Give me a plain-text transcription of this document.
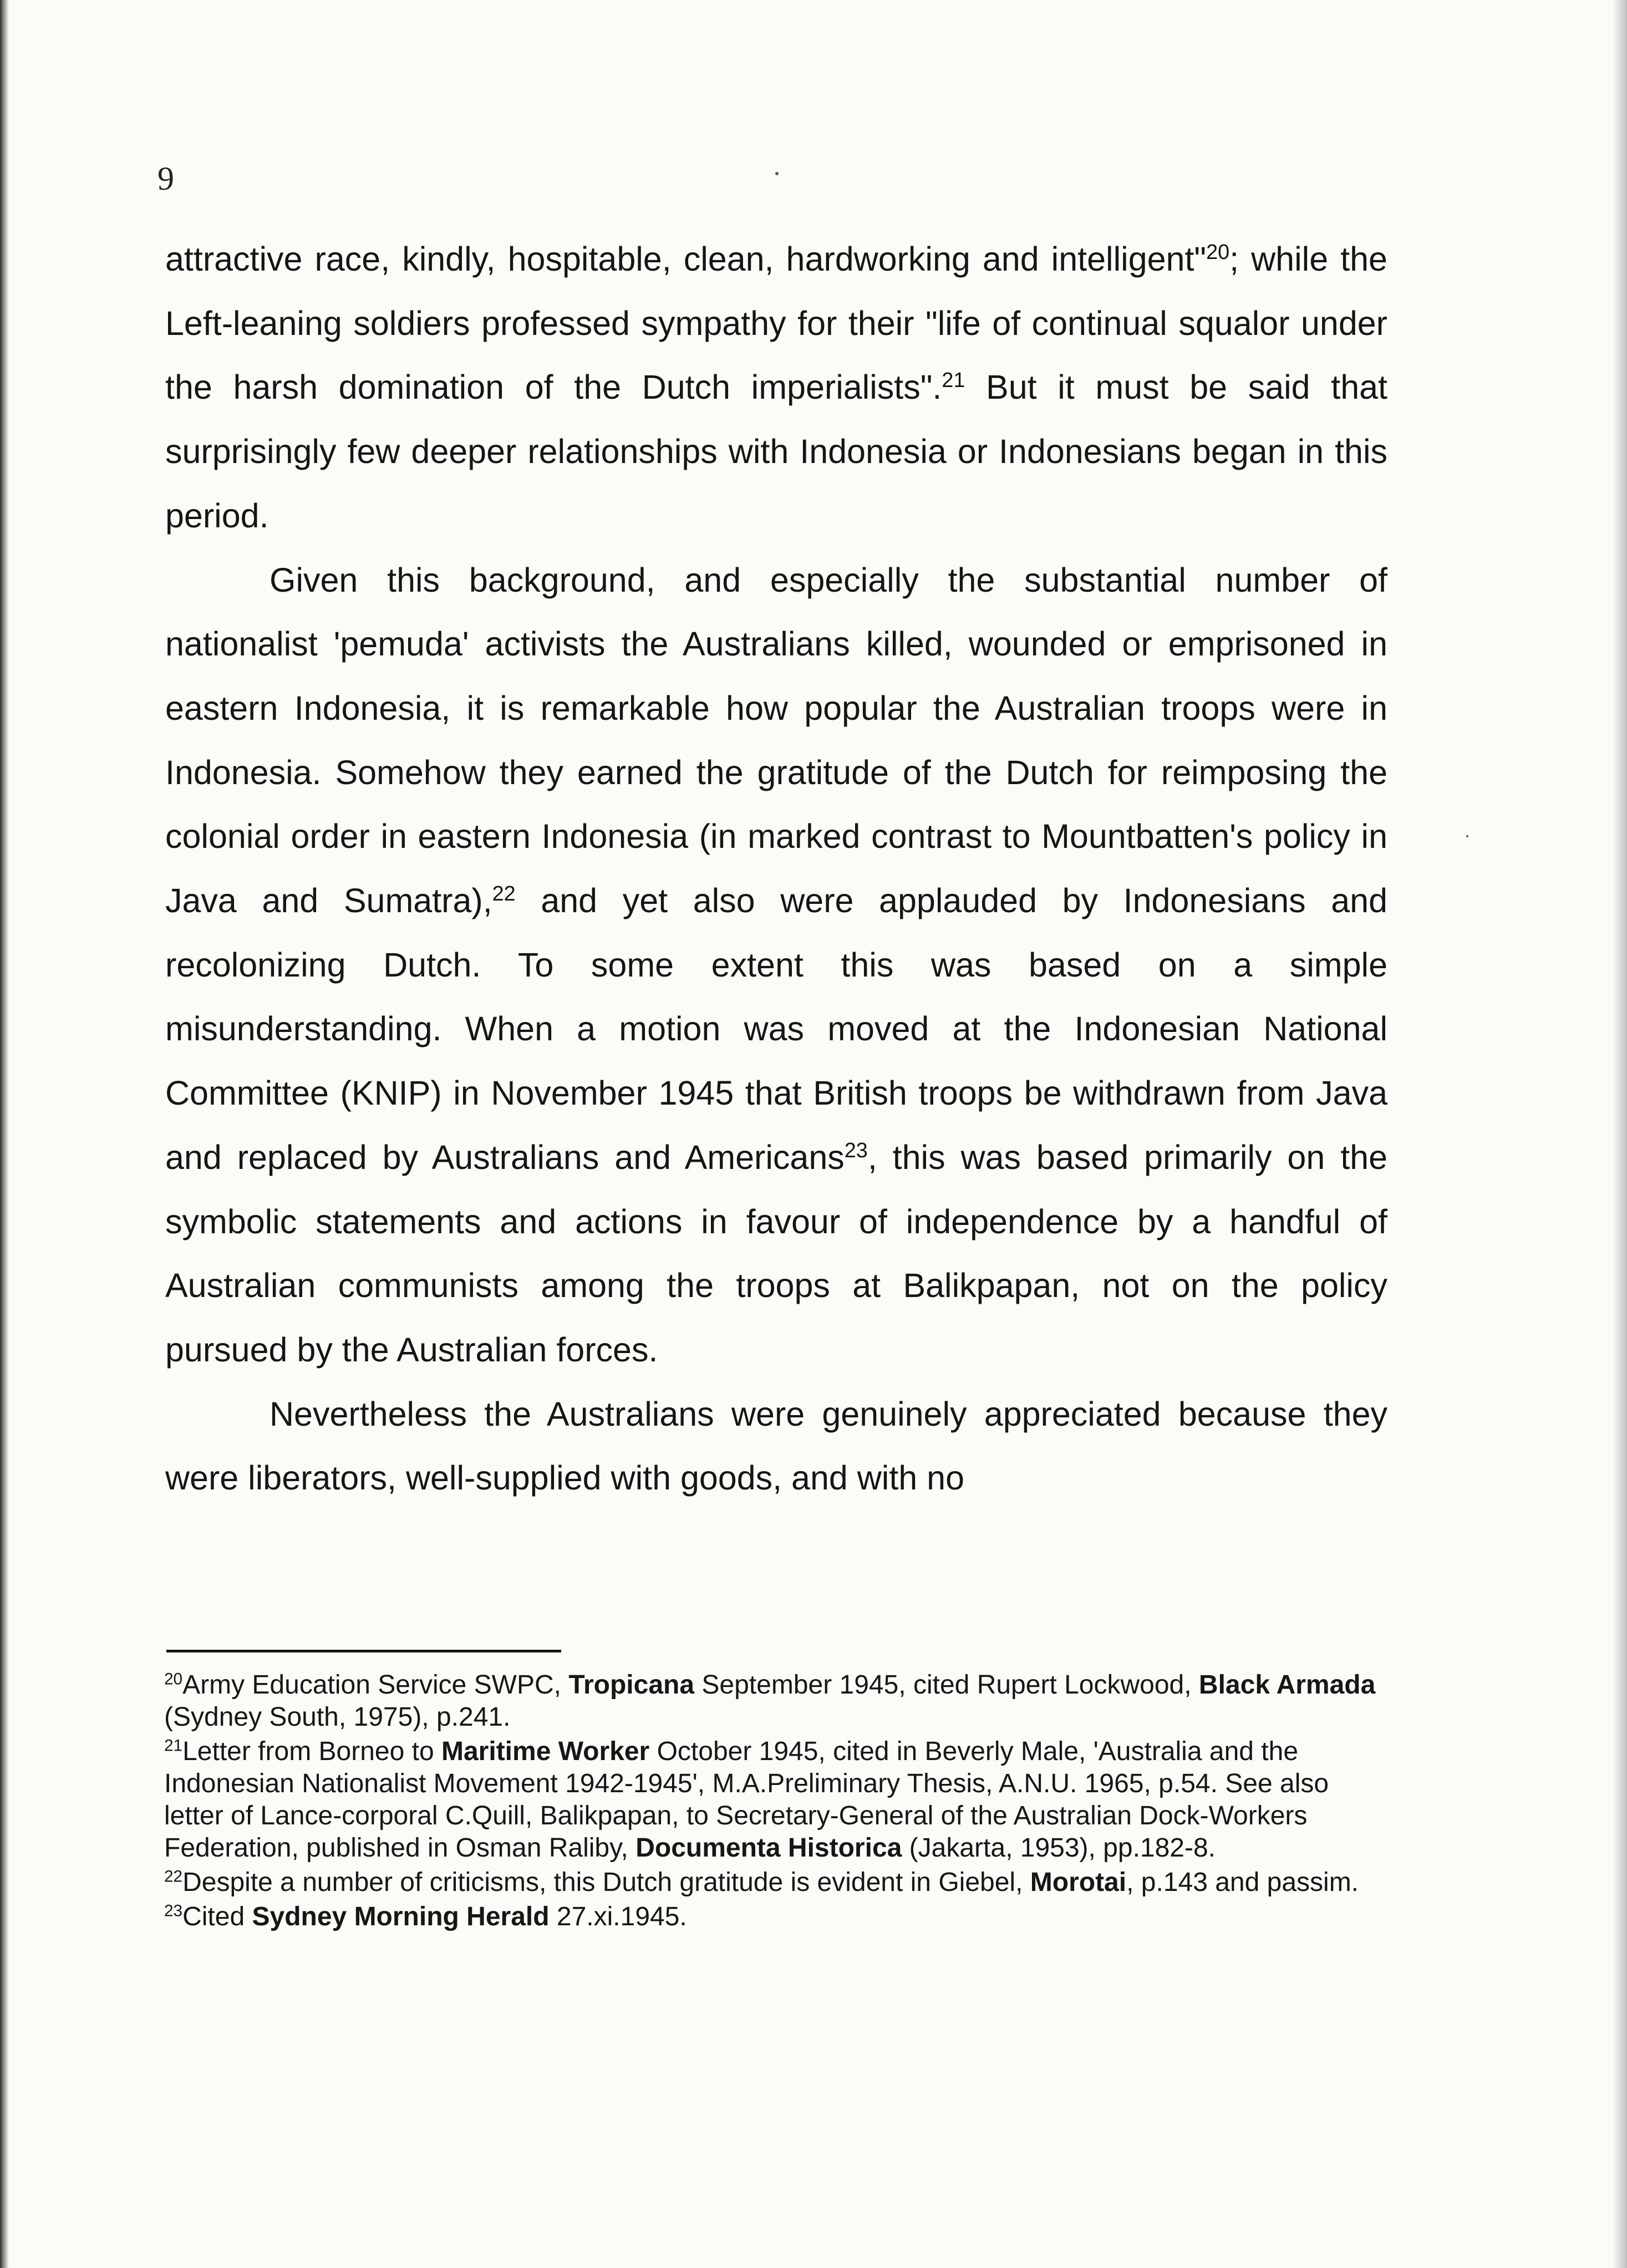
9

attractive race, kindly, hospitable, clean, hardworking and intelligent"$^{20}$; while the Left-leaning soldiers professed sympathy for their "life of continual squalor under the harsh domination of the Dutch imperialists".$^{21}$ But it must be said that surprisingly few deeper relationships with Indonesia or Indonesians began in this period.

Given this background, and especially the substantial number of nationalist 'pemuda' activists the Australians killed, wounded or emprisoned in eastern Indonesia, it is remarkable how popular the Australian troops were in Indonesia. Somehow they earned the gratitude of the Dutch for reimposing the colonial order in eastern Indonesia (in marked contrast to Mountbatten's policy in Java and Sumatra),$^{22}$ and yet also were applauded by Indonesians and recolonizing Dutch. To some extent this was based on a simple misunderstanding. When a motion was moved at the Indonesian National Committee (KNIP) in November 1945 that British troops be withdrawn from Java and replaced by Australians and Americans$^{23}$, this was based primarily on the symbolic statements and actions in favour of independence by a handful of Australian communists among the troops at Balikpapan, not on the policy pursued by the Australian forces.

Nevertheless the Australians were genuinely appreciated because they were liberators, well-supplied with goods, and with no

$^{20}$Army Education Service SWPC, Tropicana September 1945, cited Rupert Lockwood, Black Armada (Sydney South, 1975), p.241.

$^{21}$Letter from Borneo to Maritime Worker October 1945, cited in Beverly Male, 'Australia and the Indonesian Nationalist Movement 1942-1945', M.A.Preliminary Thesis, A.N.U. 1965, p.54. See also letter of Lance-corporal C.Quill, Balikpapan, to Secretary-General of the Australian Dock-Workers Federation, published in Osman Raliby, Documenta Historica (Jakarta, 1953), pp.182-8.

$^{22}$Despite a number of criticisms, this Dutch gratitude is evident in Giebel, Morotai, p.143 and passim.

$^{23}$Cited Sydney Morning Herald 27.xi.1945.
